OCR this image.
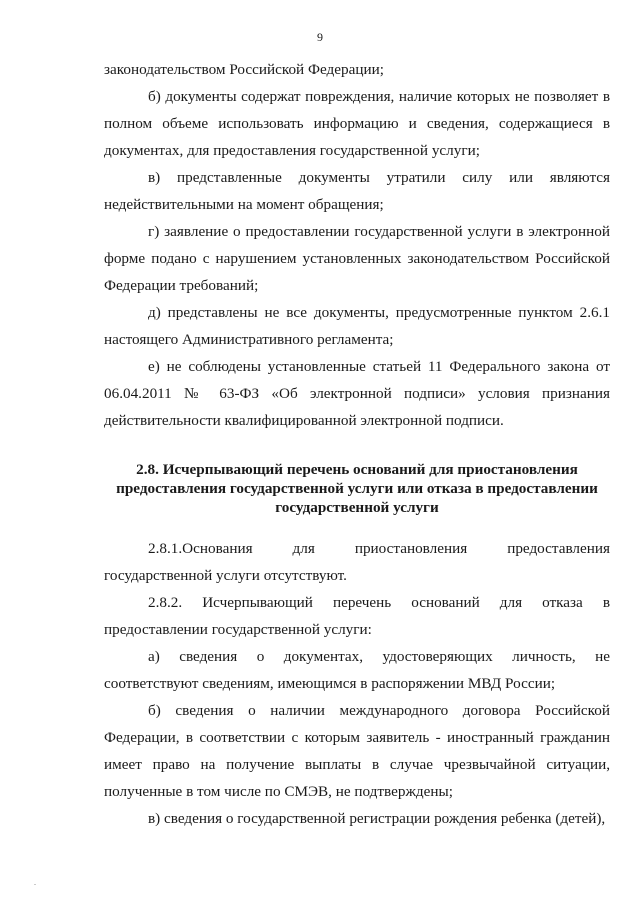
9

законодательством Российской Федерации;

б) документы содержат повреждения, наличие которых не позволяет в полном объеме использовать информацию и сведения, содержащиеся в документах, для предоставления государственной услуги;

в) представленные документы утратили силу или являются недействительными на момент обращения;

г) заявление о предоставлении государственной услуги в электронной форме подано с нарушением установленных законодательством Российской Федерации требований;

д) представлены не все документы, предусмотренные пунктом 2.6.1 настоящего Административного регламента;

е) не соблюдены установленные статьей 11 Федерального закона от 06.04.2011 № 63-ФЗ «Об электронной подписи» условия признания действительности квалифицированной электронной подписи.

2.8. Исчерпывающий перечень оснований для приостановления
предоставления государственной услуги или отказа в предоставлении
государственной услуги

2.8.1.Основания для приостановления предоставления государственной услуги отсутствуют.

2.8.2. Исчерпывающий перечень оснований для отказа в предоставлении государственной услуги:

а) сведения о документах, удостоверяющих личность, не соответствуют сведениям, имеющимся в распоряжении МВД России;

б) сведения о наличии международного договора Российской Федерации, в соответствии с которым заявитель - иностранный гражданин имеет право на получение выплаты в случае чрезвычайной ситуации, полученные в том числе по СМЭВ, не подтверждены;

в) сведения о государственной регистрации рождения ребенка (детей),

.
